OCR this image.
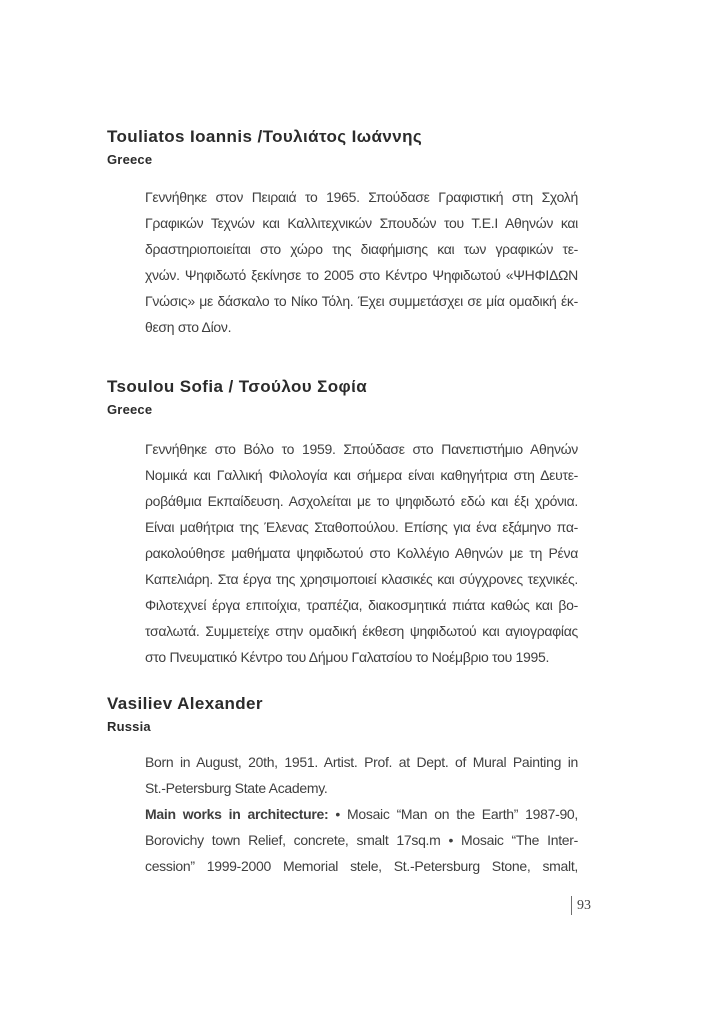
Touliatos Ioannis /Τουλιάτος Ιωάννης
Greece
Γεννήθηκε στον Πειραιά το 1965. Σπούδασε Γραφιστική στη Σχολή
Γραφικών Τεχνών και Καλλιτεχνικών Σπουδών του Τ.Ε.Ι Αθηνών και
δραστηριοποιείται στο χώρο της διαφήμισης και των γραφικών τε-
χνών. Ψηφιδωτό ξεκίνησε το 2005 στο Κέντρο Ψηφιδωτού «ΨΗΦΙΔΩΝ
Γνώσις» με δάσκαλο το Νίκο Τόλη. Έχει συμμετάσχει σε μία ομαδική έκ-
θεση στο Δίον.
Tsoulou Sofia / Τσούλου Σοφία
Greece
Γεννήθηκε στο Βόλο το 1959. Σπούδασε στο Πανεπιστήμιο Αθηνών
Νομικά και Γαλλική Φιλολογία και σήμερα είναι καθηγήτρια στη Δευτε-
ροβάθμια Εκπαίδευση. Ασχολείται με το ψηφιδωτό εδώ και έξι χρόνια.
Είναι μαθήτρια της Έλενας Σταθοπούλου. Επίσης για ένα εξάμηνο πα-
ρακολούθησε μαθήματα ψηφιδωτού στο Κολλέγιο Αθηνών με τη Ρένα
Καπελιάρη. Στα έργα της χρησιμοποιεί κλασικές και σύγχρονες τεχνικές.
Φιλοτεχνεί έργα επιτοίχια, τραπέζια, διακοσμητικά πιάτα καθώς και βο-
τσαλωτά. Συμμετείχε στην ομαδική έκθεση ψηφιδωτού και αγιογραφίας
στο Πνευματικό Κέντρο του Δήμου Γαλατσίου το Νοέμβριο του 1995.
Vasiliev Alexander
Russia
Born in August, 20th, 1951. Artist. Prof. at Dept. of Mural Painting in
St.-Petersburg State Academy.
Main works in architecture: • Mosaic “Man on the Earth” 1987-90,
Borovichy town Relief, concrete, smalt 17sq.m • Mosaic “The Inter-
cession” 1999-2000 Memorial stele, St.-Petersburg Stone, smalt,
93
